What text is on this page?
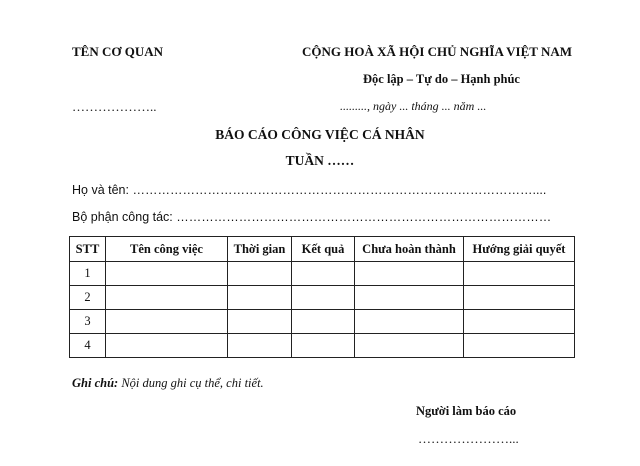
TÊN CƠ QUAN
………………..
CỘNG HOÀ XÃ HỘI CHỦ NGHĨA VIỆT NAM
Độc lập – Tự do – Hạnh phúc
........., ngày ... tháng ... năm ...
BÁO CÁO CÔNG VIỆC CÁ NHÂN
TUẦN ……
Họ và tên: ……………………………………………………………………………………....
Bộ phận công tác: ………………………………………………………………………………
STT	Tên công việc	Thời gian	Kết quả	Chưa hoàn thành	Hướng giải quyết
1					
2					
3					
4					
Ghi chú: Nội dung ghi cụ thể, chi tiết.
Người làm báo cáo
…………………...
